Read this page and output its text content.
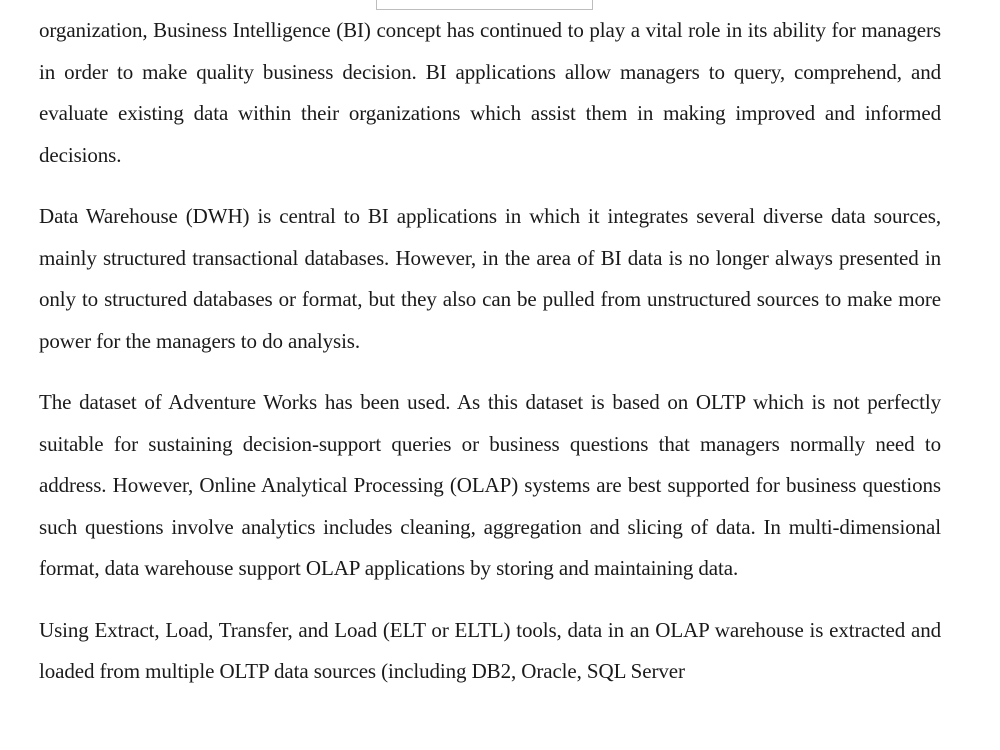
organization, Business Intelligence (BI) concept has continued to play a vital role in its ability for managers in order to make quality business decision. BI applications allow managers to query, comprehend, and evaluate existing data within their organizations which assist them in making improved and informed decisions.

Data Warehouse (DWH) is central to BI applications in which it integrates several diverse data sources, mainly structured transactional databases. However, in the area of BI data is no longer always presented in only to structured databases or format, but they also can be pulled from unstructured sources to make more power for the managers to do analysis.

The dataset of Adventure Works has been used. As this dataset is based on OLTP which is not perfectly suitable for sustaining decision-support queries or business questions that managers normally need to address. However, Online Analytical Processing (OLAP) systems are best supported for business questions such questions involve analytics includes cleaning, aggregation and slicing of data. In multi-dimensional format, data warehouse support OLAP applications by storing and maintaining data.

Using Extract, Load, Transfer, and Load (ELT or ELTL) tools, data in an OLAP warehouse is extracted and loaded from multiple OLTP data sources (including DB2, Oracle, SQL Server
